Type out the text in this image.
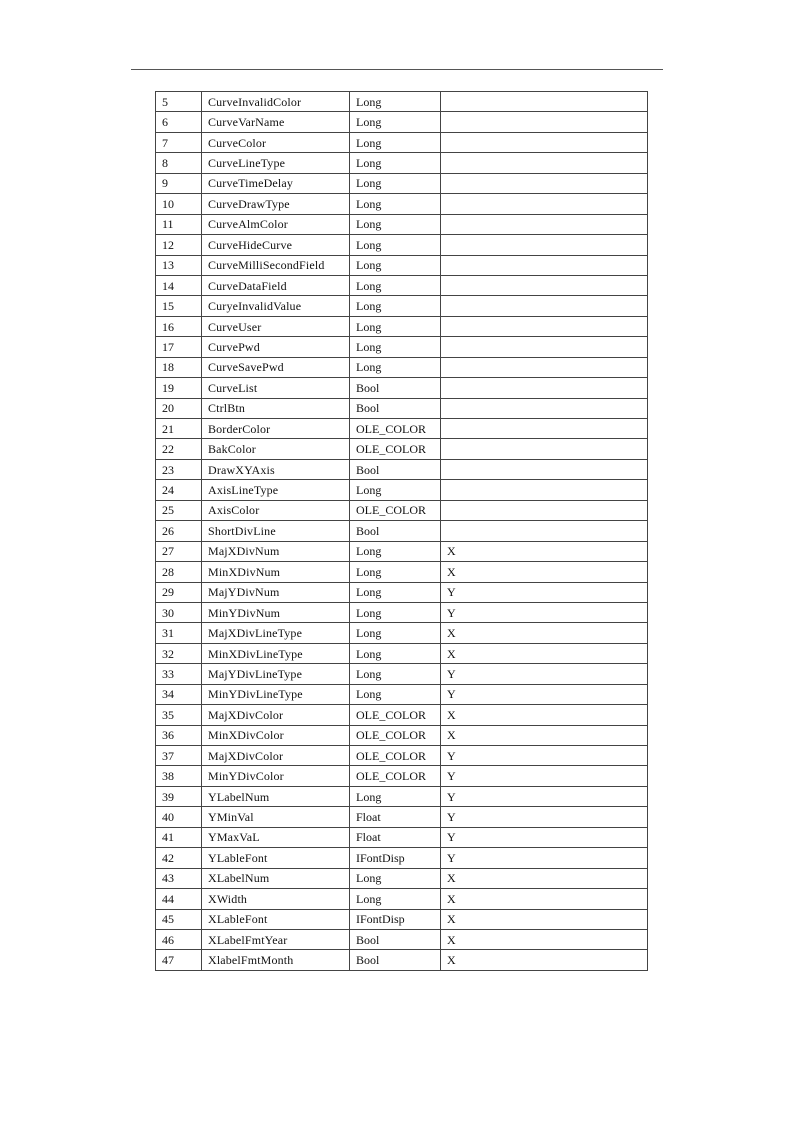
5	CurveInvalidColor	Long	
6	CurveVarName	Long	
7	CurveColor	Long	
8	CurveLineType	Long	
9	CurveTimeDelay	Long	
10	CurveDrawType	Long	
11	CurveAlmColor	Long	
12	CurveHideCurve	Long	
13	CurveMilliSecondField	Long	
14	CurveDataField	Long	
15	CuryeInvalidValue	Long	
16	CurveUser	Long	
17	CurvePwd	Long	
18	CurveSavePwd	Long	
19	CurveList	Bool	
20	CtrlBtn	Bool	
21	BorderColor	OLE_COLOR	
22	BakColor	OLE_COLOR	
23	DrawXYAxis	Bool	
24	AxisLineType	Long	
25	AxisColor	OLE_COLOR	
26	ShortDivLine	Bool	
27	MajXDivNum	Long	X
28	MinXDivNum	Long	X
29	MajYDivNum	Long	Y
30	MinYDivNum	Long	Y
31	MajXDivLineType	Long	X
32	MinXDivLineType	Long	X
33	MajYDivLineType	Long	Y
34	MinYDivLineType	Long	Y
35	MajXDivColor	OLE_COLOR	X
36	MinXDivColor	OLE_COLOR	X
37	MajXDivColor	OLE_COLOR	Y
38	MinYDivColor	OLE_COLOR	Y
39	YLabelNum	Long	Y
40	YMinVal	Float	Y
41	YMaxVaL	Float	Y
42	YLableFont	IFontDisp	Y
43	XLabelNum	Long	X
44	XWidth	Long	X
45	XLableFont	IFontDisp	X
46	XLabelFmtYear	Bool	X
47	XlabelFmtMonth	Bool	X
